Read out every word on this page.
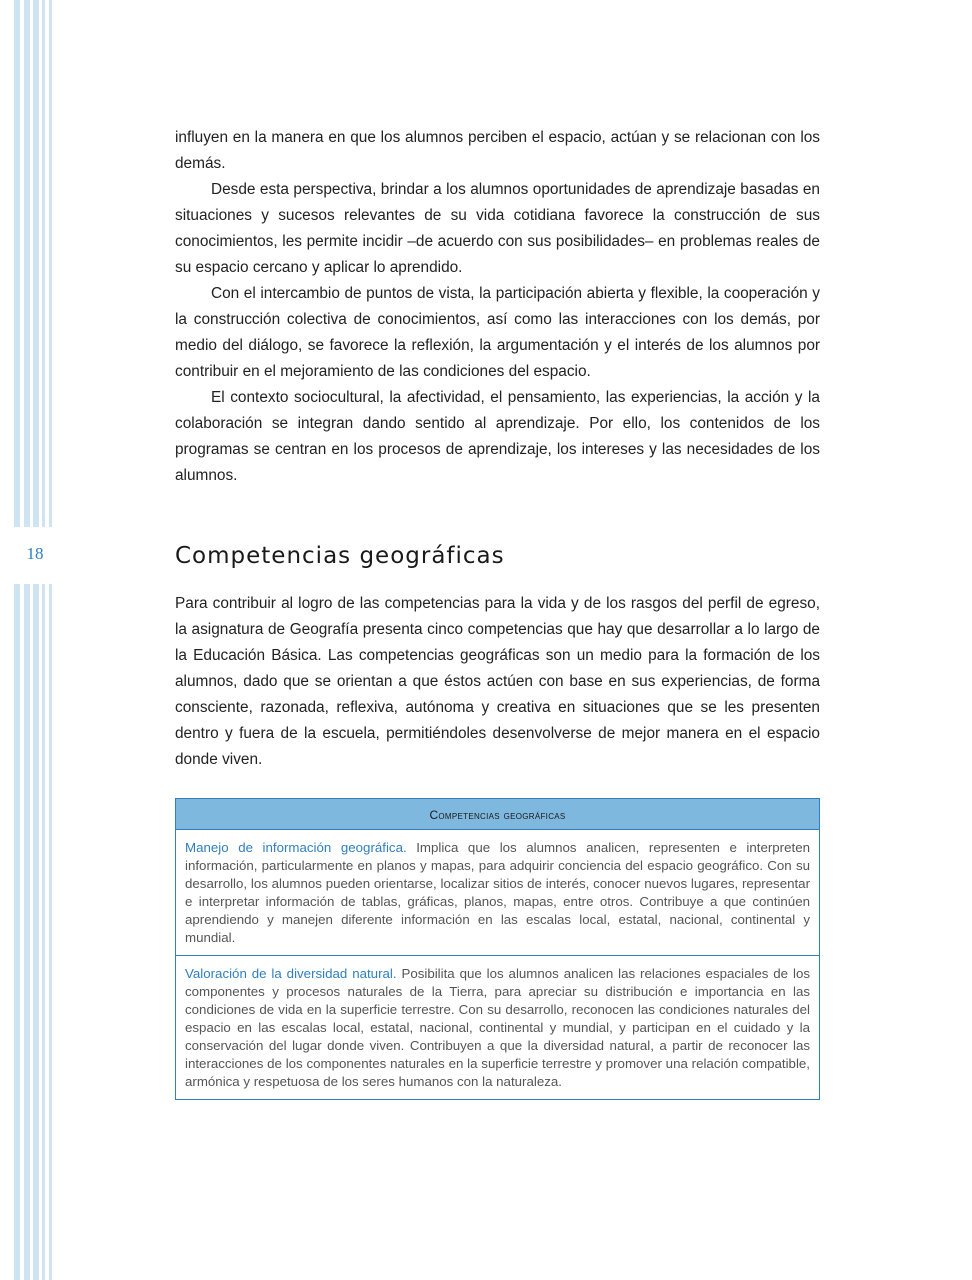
18

influyen en la manera en que los alumnos perciben el espacio, actúan y se relacionan con los demás.

Desde esta perspectiva, brindar a los alumnos oportunidades de aprendizaje basadas en situaciones y sucesos relevantes de su vida cotidiana favorece la construcción de sus conocimientos, les permite incidir –de acuerdo con sus posibilidades– en problemas reales de su espacio cercano y aplicar lo aprendido.

Con el intercambio de puntos de vista, la participación abierta y flexible, la cooperación y la construcción colectiva de conocimientos, así como las interacciones con los demás, por medio del diálogo, se favorece la reflexión, la argumentación y el interés de los alumnos por contribuir en el mejoramiento de las condiciones del espacio.

El contexto sociocultural, la afectividad, el pensamiento, las experiencias, la acción y la colaboración se integran dando sentido al aprendizaje. Por ello, los contenidos de los programas se centran en los procesos de aprendizaje, los intereses y las necesidades de los alumnos.

Competencias geográficas

Para contribuir al logro de las competencias para la vida y de los rasgos del perfil de egreso, la asignatura de Geografía presenta cinco competencias que hay que desarrollar a lo largo de la Educación Básica. Las competencias geográficas son un medio para la formación de los alumnos, dado que se orientan a que éstos actúen con base en sus experiencias, de forma consciente, razonada, reflexiva, autónoma y creativa en situaciones que se les presenten dentro y fuera de la escuela, permitiéndoles desenvolverse de mejor manera en el espacio donde viven.

Competencias geográficas
Manejo de información geográfica. Implica que los alumnos analicen, representen e interpreten información, particularmente en planos y mapas, para adquirir conciencia del espacio geográfico. Con su desarrollo, los alumnos pueden orientarse, localizar sitios de interés, conocer nuevos lugares, representar e interpretar información de tablas, gráficas, planos, mapas, entre otros. Contribuye a que continúen aprendiendo y manejen diferente información en las escalas local, estatal, nacional, continental y mundial.
Valoración de la diversidad natural. Posibilita que los alumnos analicen las relaciones espaciales de los componentes y procesos naturales de la Tierra, para apreciar su distribución e importancia en las condiciones de vida en la superficie terrestre. Con su desarrollo, reconocen las condiciones naturales del espacio en las escalas local, estatal, nacional, continental y mundial, y participan en el cuidado y la conservación del lugar donde viven. Contribuyen a que la diversidad natural, a partir de reconocer las interacciones de los componentes naturales en la superficie terrestre y promover una relación compatible, armónica y respetuosa de los seres humanos con la naturaleza.
